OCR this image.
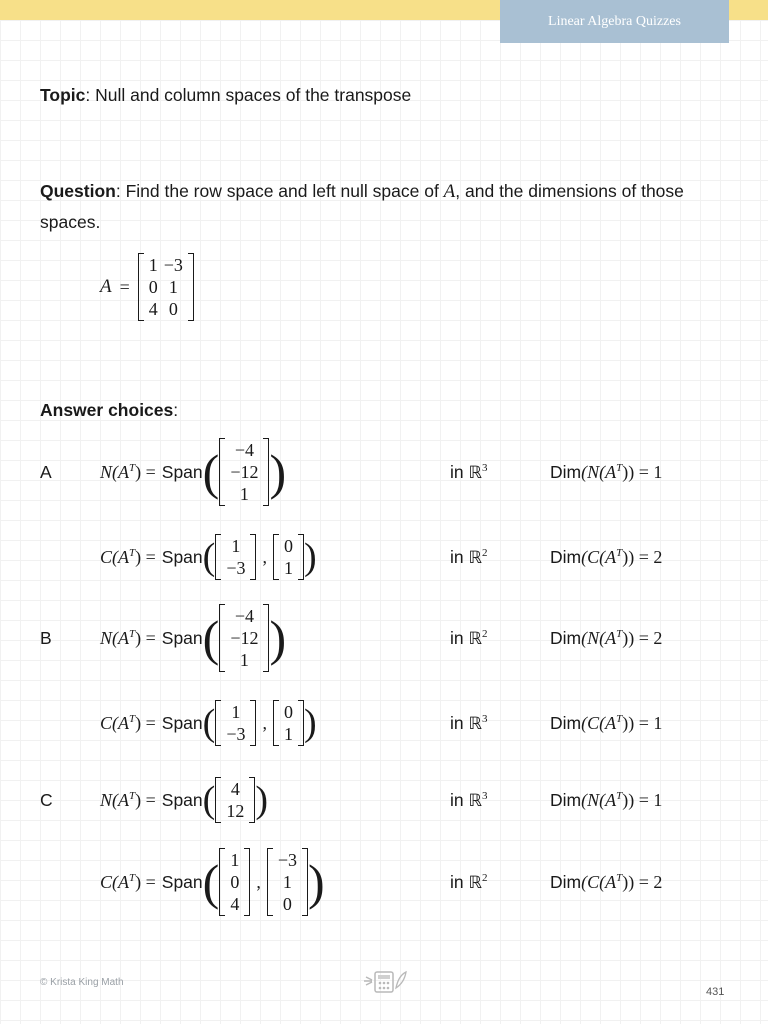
Linear Algebra Quizzes
Topic: Null and column spaces of the transpose
Question: Find the row space and left null space of A, and the dimensions of those spaces.
A =
1	−3
0	1
4	0
Answer choices:
A	$N(A^T)$ = Span ( −4
−12
1 )	in ℝ$^3$	$Dim(N(A^T)) = 1$
$C(A^T)$ = Span ( 1
−3
,
0
1 )	in ℝ$^2$	$Dim(C(A^T)) = 2$
B	$N(A^T)$ = Span ( −4
−12
1 )	in ℝ$^2$	$Dim(N(A^T)) = 2$
$C(A^T)$ = Span ( 1
−3
,
0
1 )	in ℝ$^3$	$Dim(C(A^T)) = 1$
C	$N(A^T)$ = Span ( 4
12 )	in ℝ$^3$	$Dim(N(A^T)) = 1$
$C(A^T)$ = Span ( 1
0
4
,
−3
1
0 )	in ℝ$^2$	$Dim(C(A^T)) = 2$
© Krista King Math
431
